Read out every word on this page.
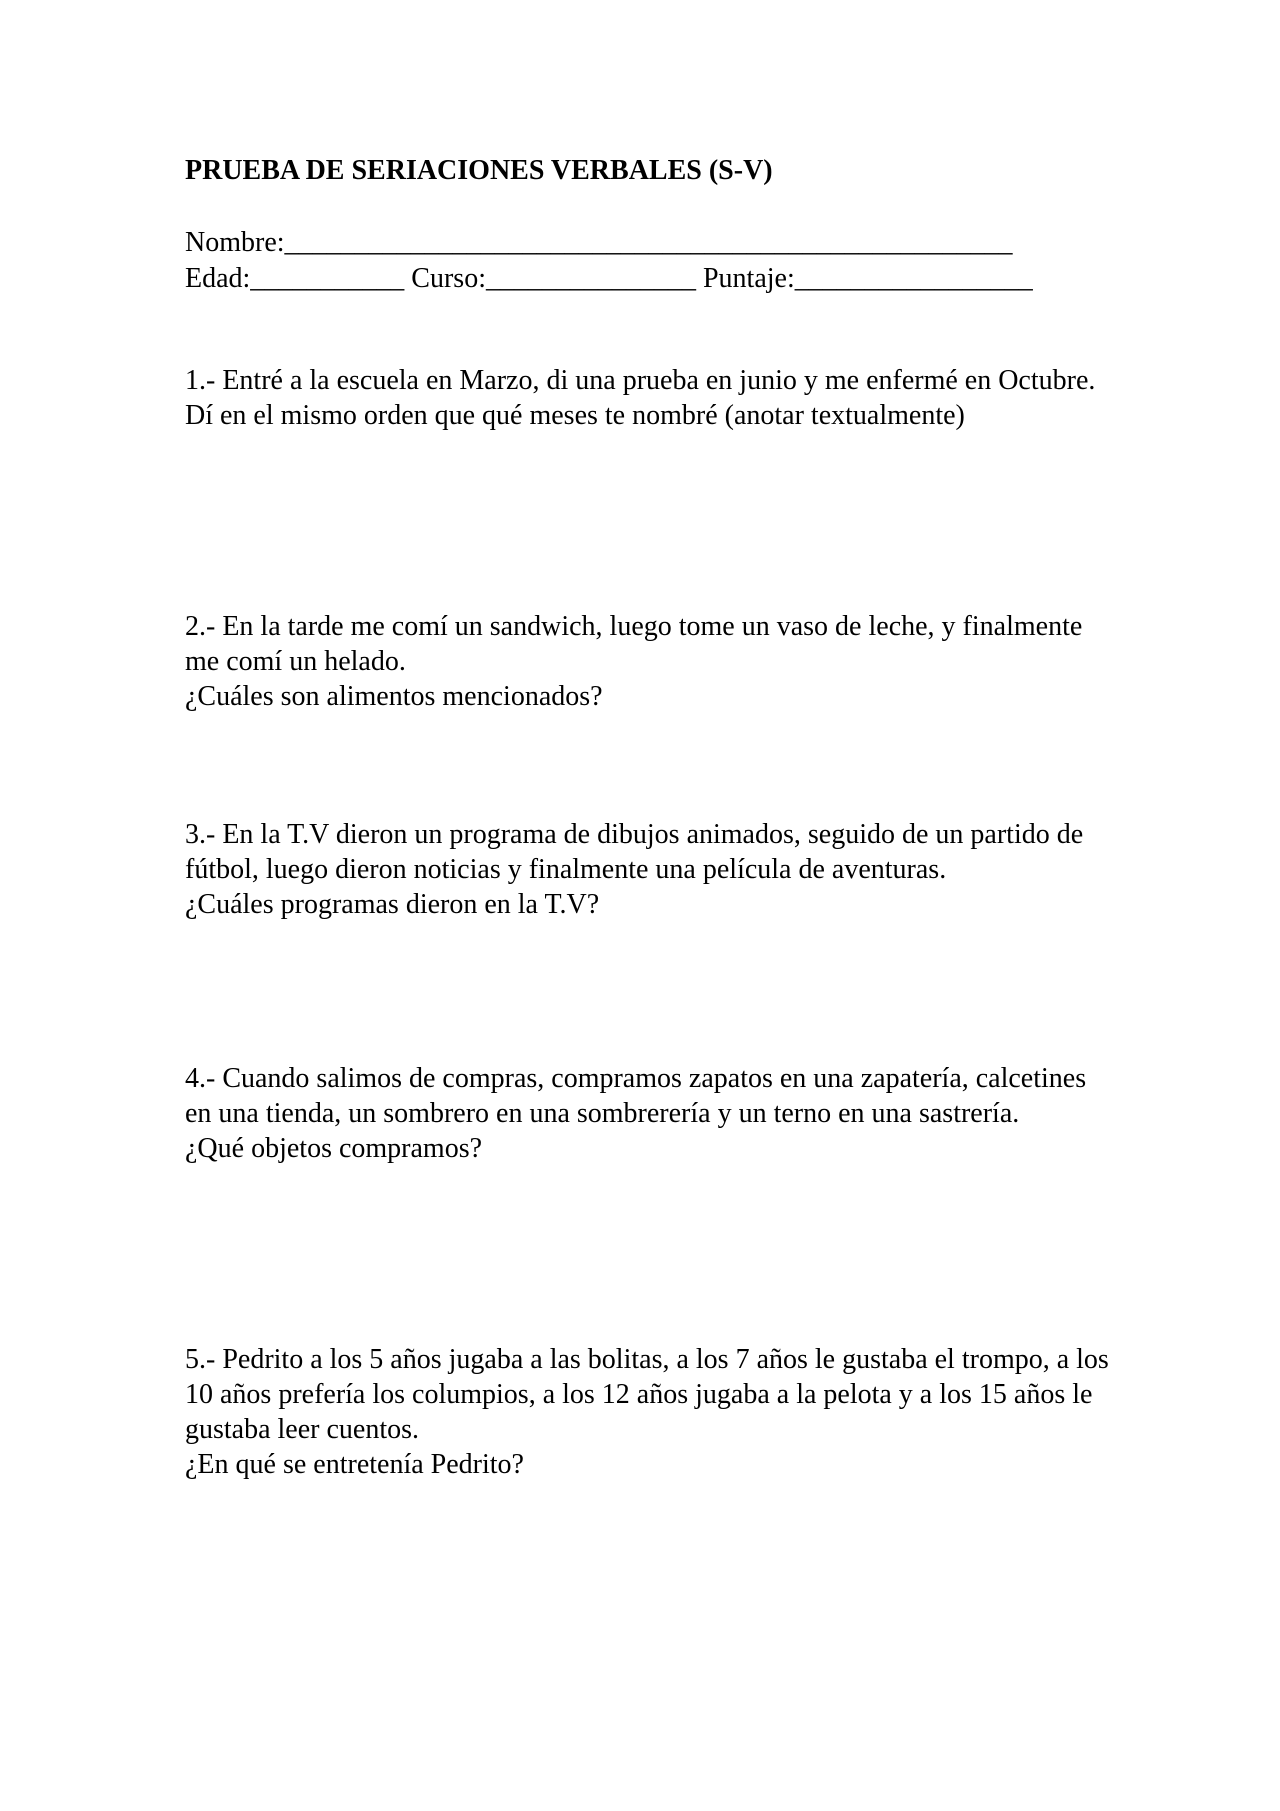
PRUEBA DE SERIACIONES VERBALES (S-V)
Nombre:____________________________________________________
Edad:___________ Curso:_______________ Puntaje:_________________

1.- Entré a la escuela en Marzo, di una prueba en junio y me enfermé en Octubre.

Dí en el mismo orden que qué meses te nombré (anotar textualmente)

2.- En la tarde me comí un sandwich, luego tome un vaso de leche, y finalmente me comí un helado.

¿Cuáles son alimentos mencionados?

3.- En la T.V dieron un programa de dibujos animados, seguido de un partido de fútbol, luego dieron noticias y finalmente una película de aventuras.

¿Cuáles programas dieron en la T.V?

4.- Cuando salimos de compras, compramos zapatos en una zapatería, calcetines en una tienda, un sombrero en una sombrerería y un terno en una sastrería.

¿Qué objetos compramos?

5.- Pedrito a los 5 años jugaba a las bolitas, a los 7 años le gustaba el trompo, a los 10 años prefería los columpios, a los 12 años jugaba a la pelota y a los 15 años le gustaba leer cuentos.

¿En qué se entretenía Pedrito?
